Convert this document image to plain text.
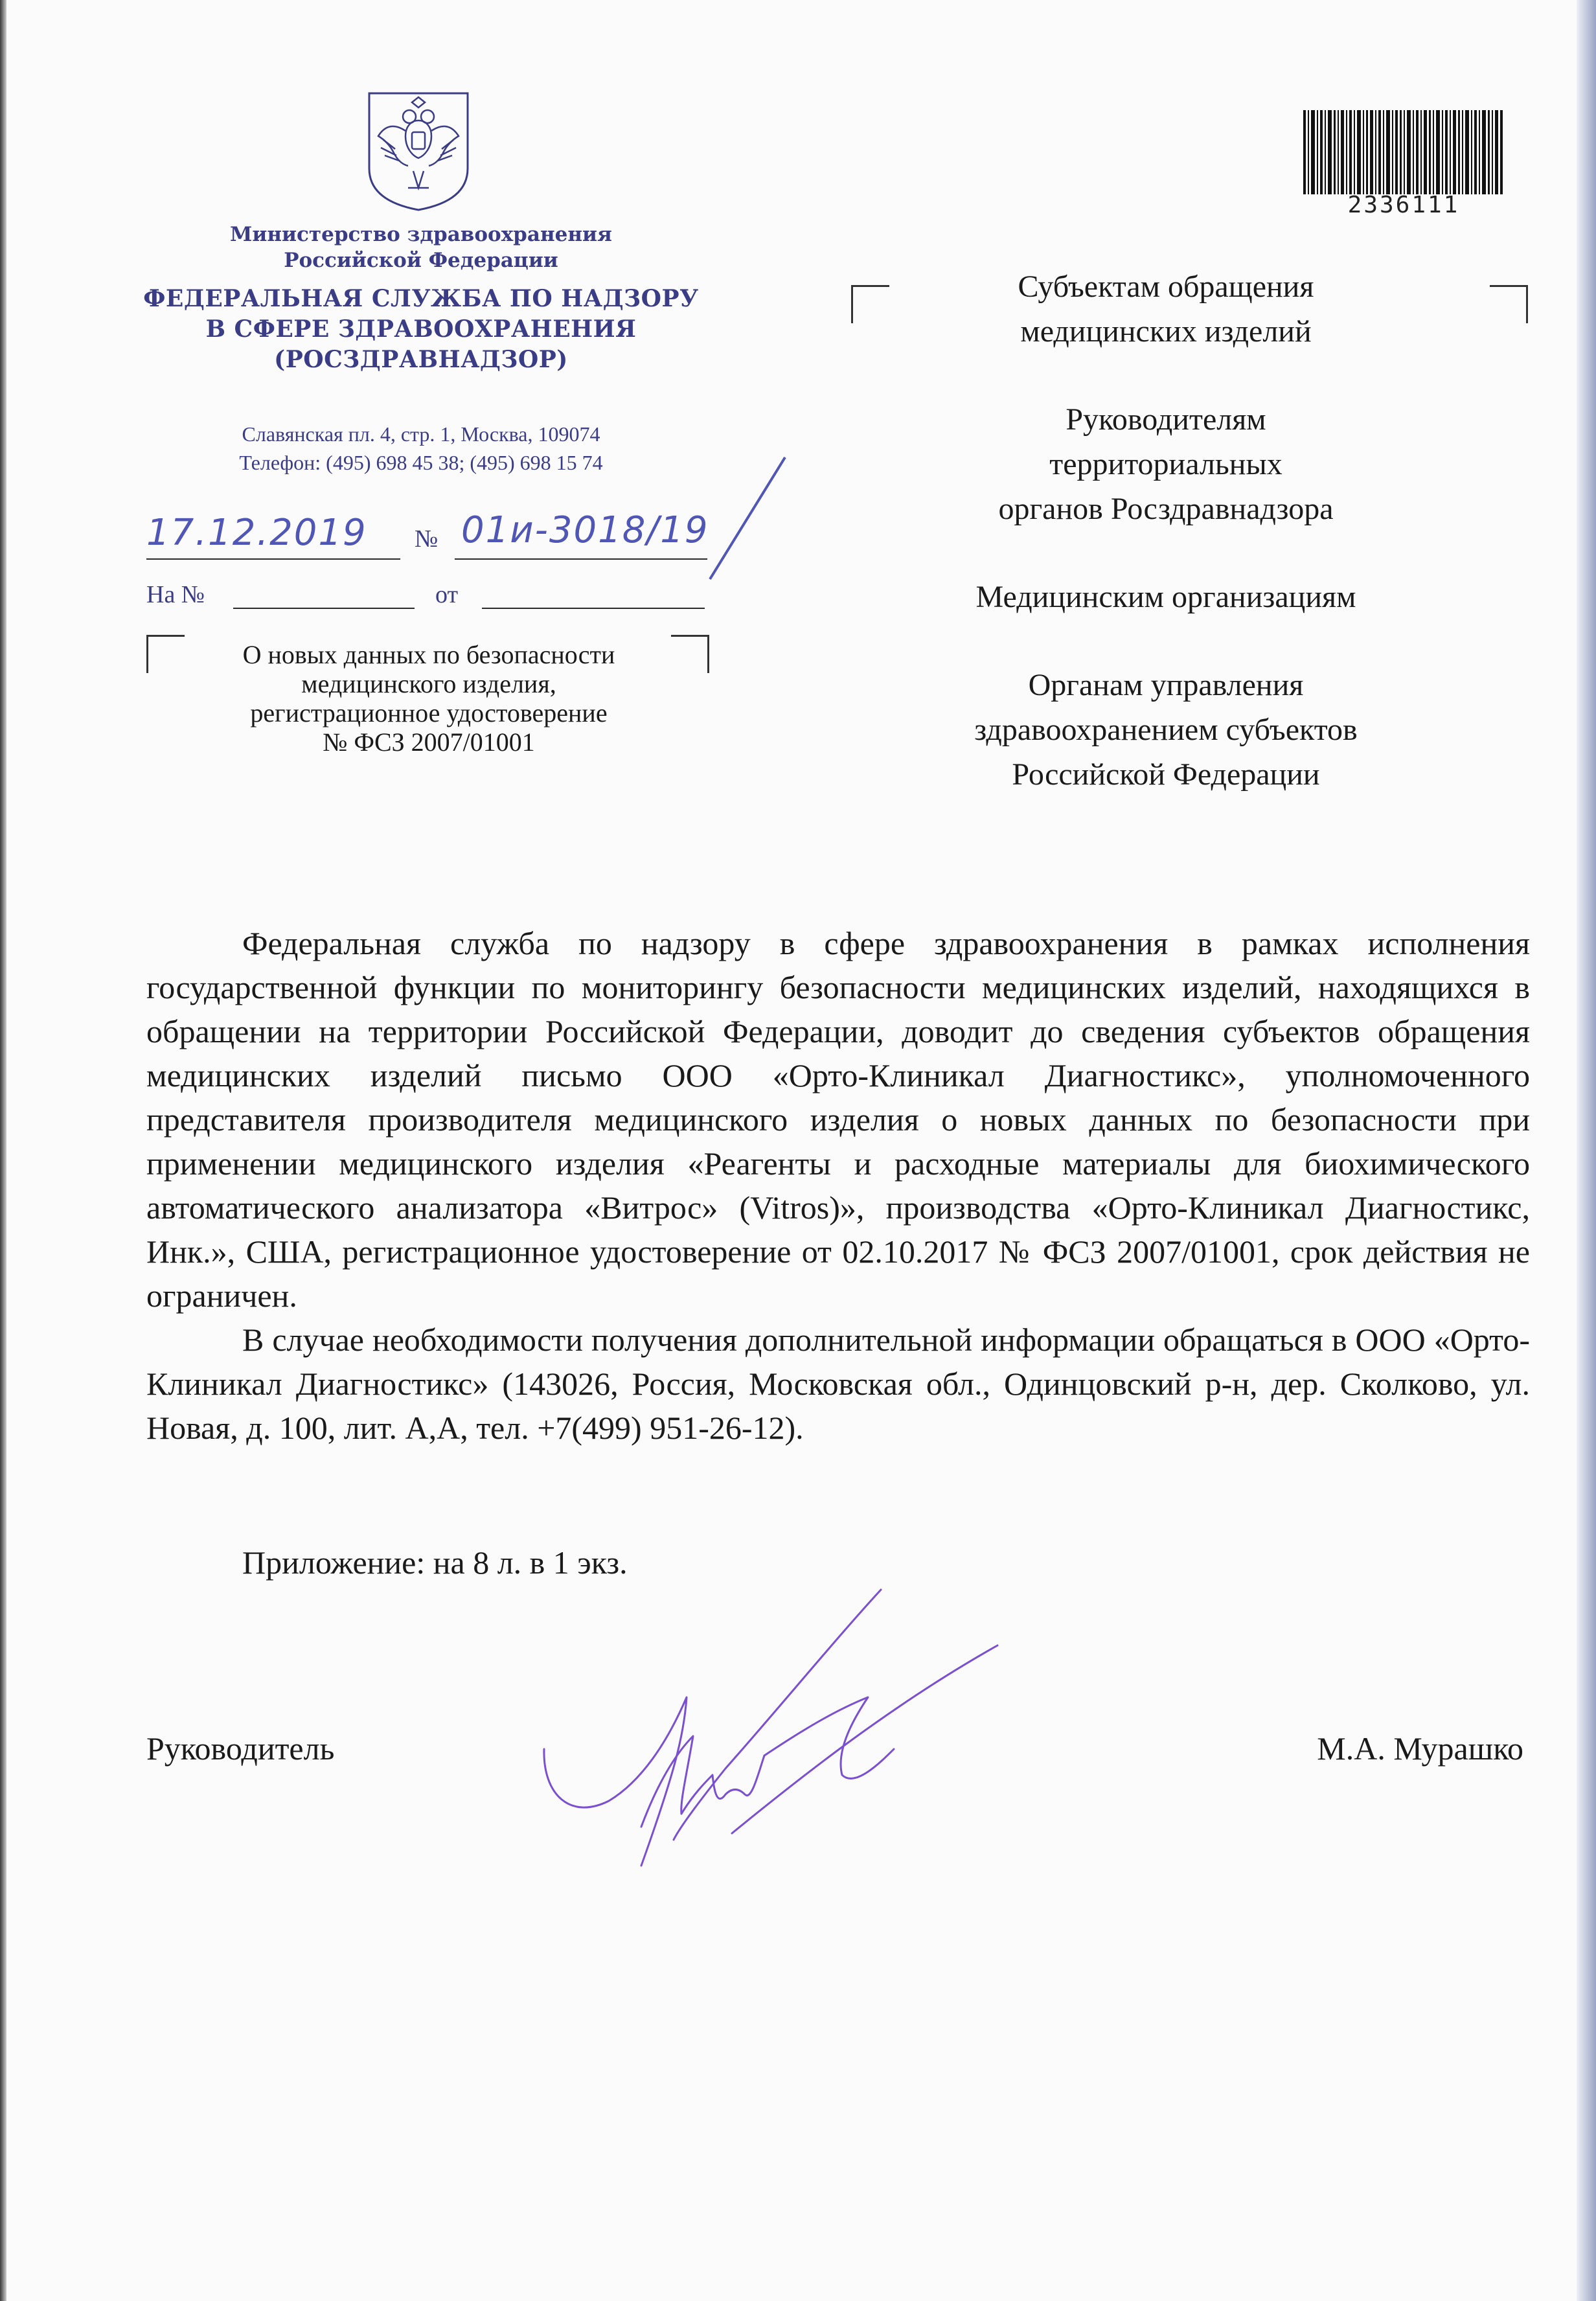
Министерство здравоохранения
Российской Федерации
ФЕДЕРАЛЬНАЯ СЛУЖБА ПО НАДЗОРУ
В СФЕРЕ ЗДРАВООХРАНЕНИЯ
(РОСЗДРАВНАДЗОР)
Славянская пл. 4, стр. 1, Москва, 109074
Телефон: (495) 698 45 38; (495) 698 15 74
17.12.2019 № 01и-3018/19
На №	от
О новых данных по безопасности
медицинского изделия,
регистрационное удостоверение
№ ФСЗ 2007/01001
2336111
Субъектам обращения
медицинских изделий
Руководителям
территориальных
органов Росздравнадзора
Медицинским организациям
Органам управления
здравоохранением субъектов
Российской Федерации

Федеральная служба по надзору в сфере здравоохранения в рамках исполнения государственной функции по мониторингу безопасности медицинских изделий, находящихся в обращении на территории Российской Федерации, доводит до сведения субъектов обращения медицинских изделий письмо ООО «Орто-Клиникал Диагностикс», уполномоченного представителя производителя медицинского изделия о новых данных по безопасности при применении медицинского изделия «Реагенты и расходные материалы для биохимического автоматического анализатора «Витрос» (Vitros)», производства «Орто-Клиникал Диагностикс, Инк.», США, регистрационное удостоверение от 02.10.2017 № ФСЗ 2007/01001, срок действия не ограничен.

В случае необходимости получения дополнительной информации обращаться в ООО «Орто-Клиникал Диагностикс» (143026, Россия, Московская обл., Одинцовский р-н, дер. Сколково, ул. Новая, д. 100, лит. А,А, тел. +7(499) 951-26-12).

Приложение: на 8 л. в 1 экз.
Руководитель	М.А. Мурашко
